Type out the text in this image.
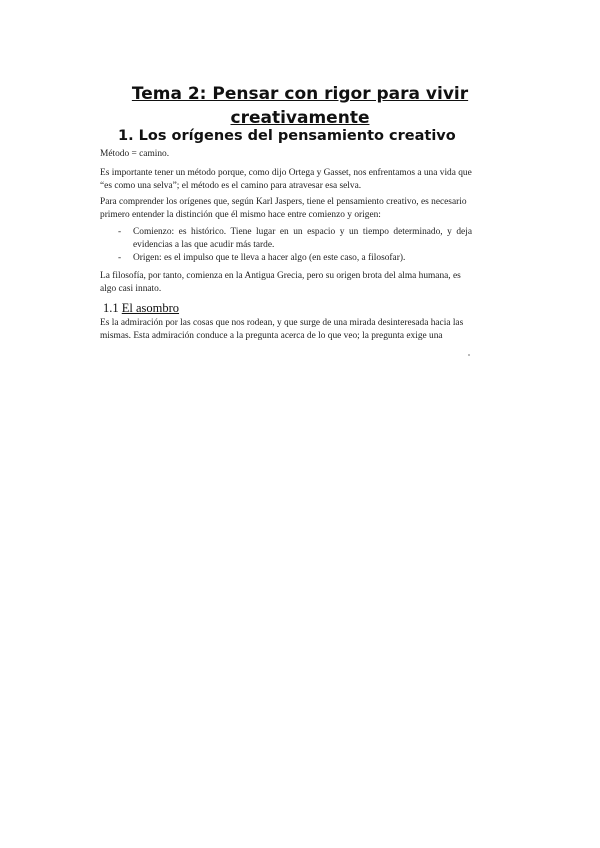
Tema 2: Pensar con rigor para vivir
creativamente
1. Los orígenes del pensamiento creativo
Método = camino.
Es importante tener un método porque, como dijo Ortega y Gasset, nos enfrentamos a una vida que “es como una selva”; el método es el camino para atravesar esa selva.
Para comprender los orígenes que, según Karl Jaspers, tiene el pensamiento creativo, es necesario primero entender la distinción que él mismo hace entre comienzo y origen:
- Comienzo: es histórico. Tiene lugar en un espacio y un tiempo determinado, y deja evidencias a las que acudir más tarde.
- Origen: es el impulso que te lleva a hacer algo (en este caso, a filosofar).
La filosofía, por tanto, comienza en la Antigua Grecia, pero su origen brota del alma humana, es algo casi innato.
1.1 El asombro
Es la admiración por las cosas que nos rodean, y que surge de una mirada desinteresada hacia las mismas. Esta admiración conduce a la pregunta acerca de lo que veo; la pregunta exige una
